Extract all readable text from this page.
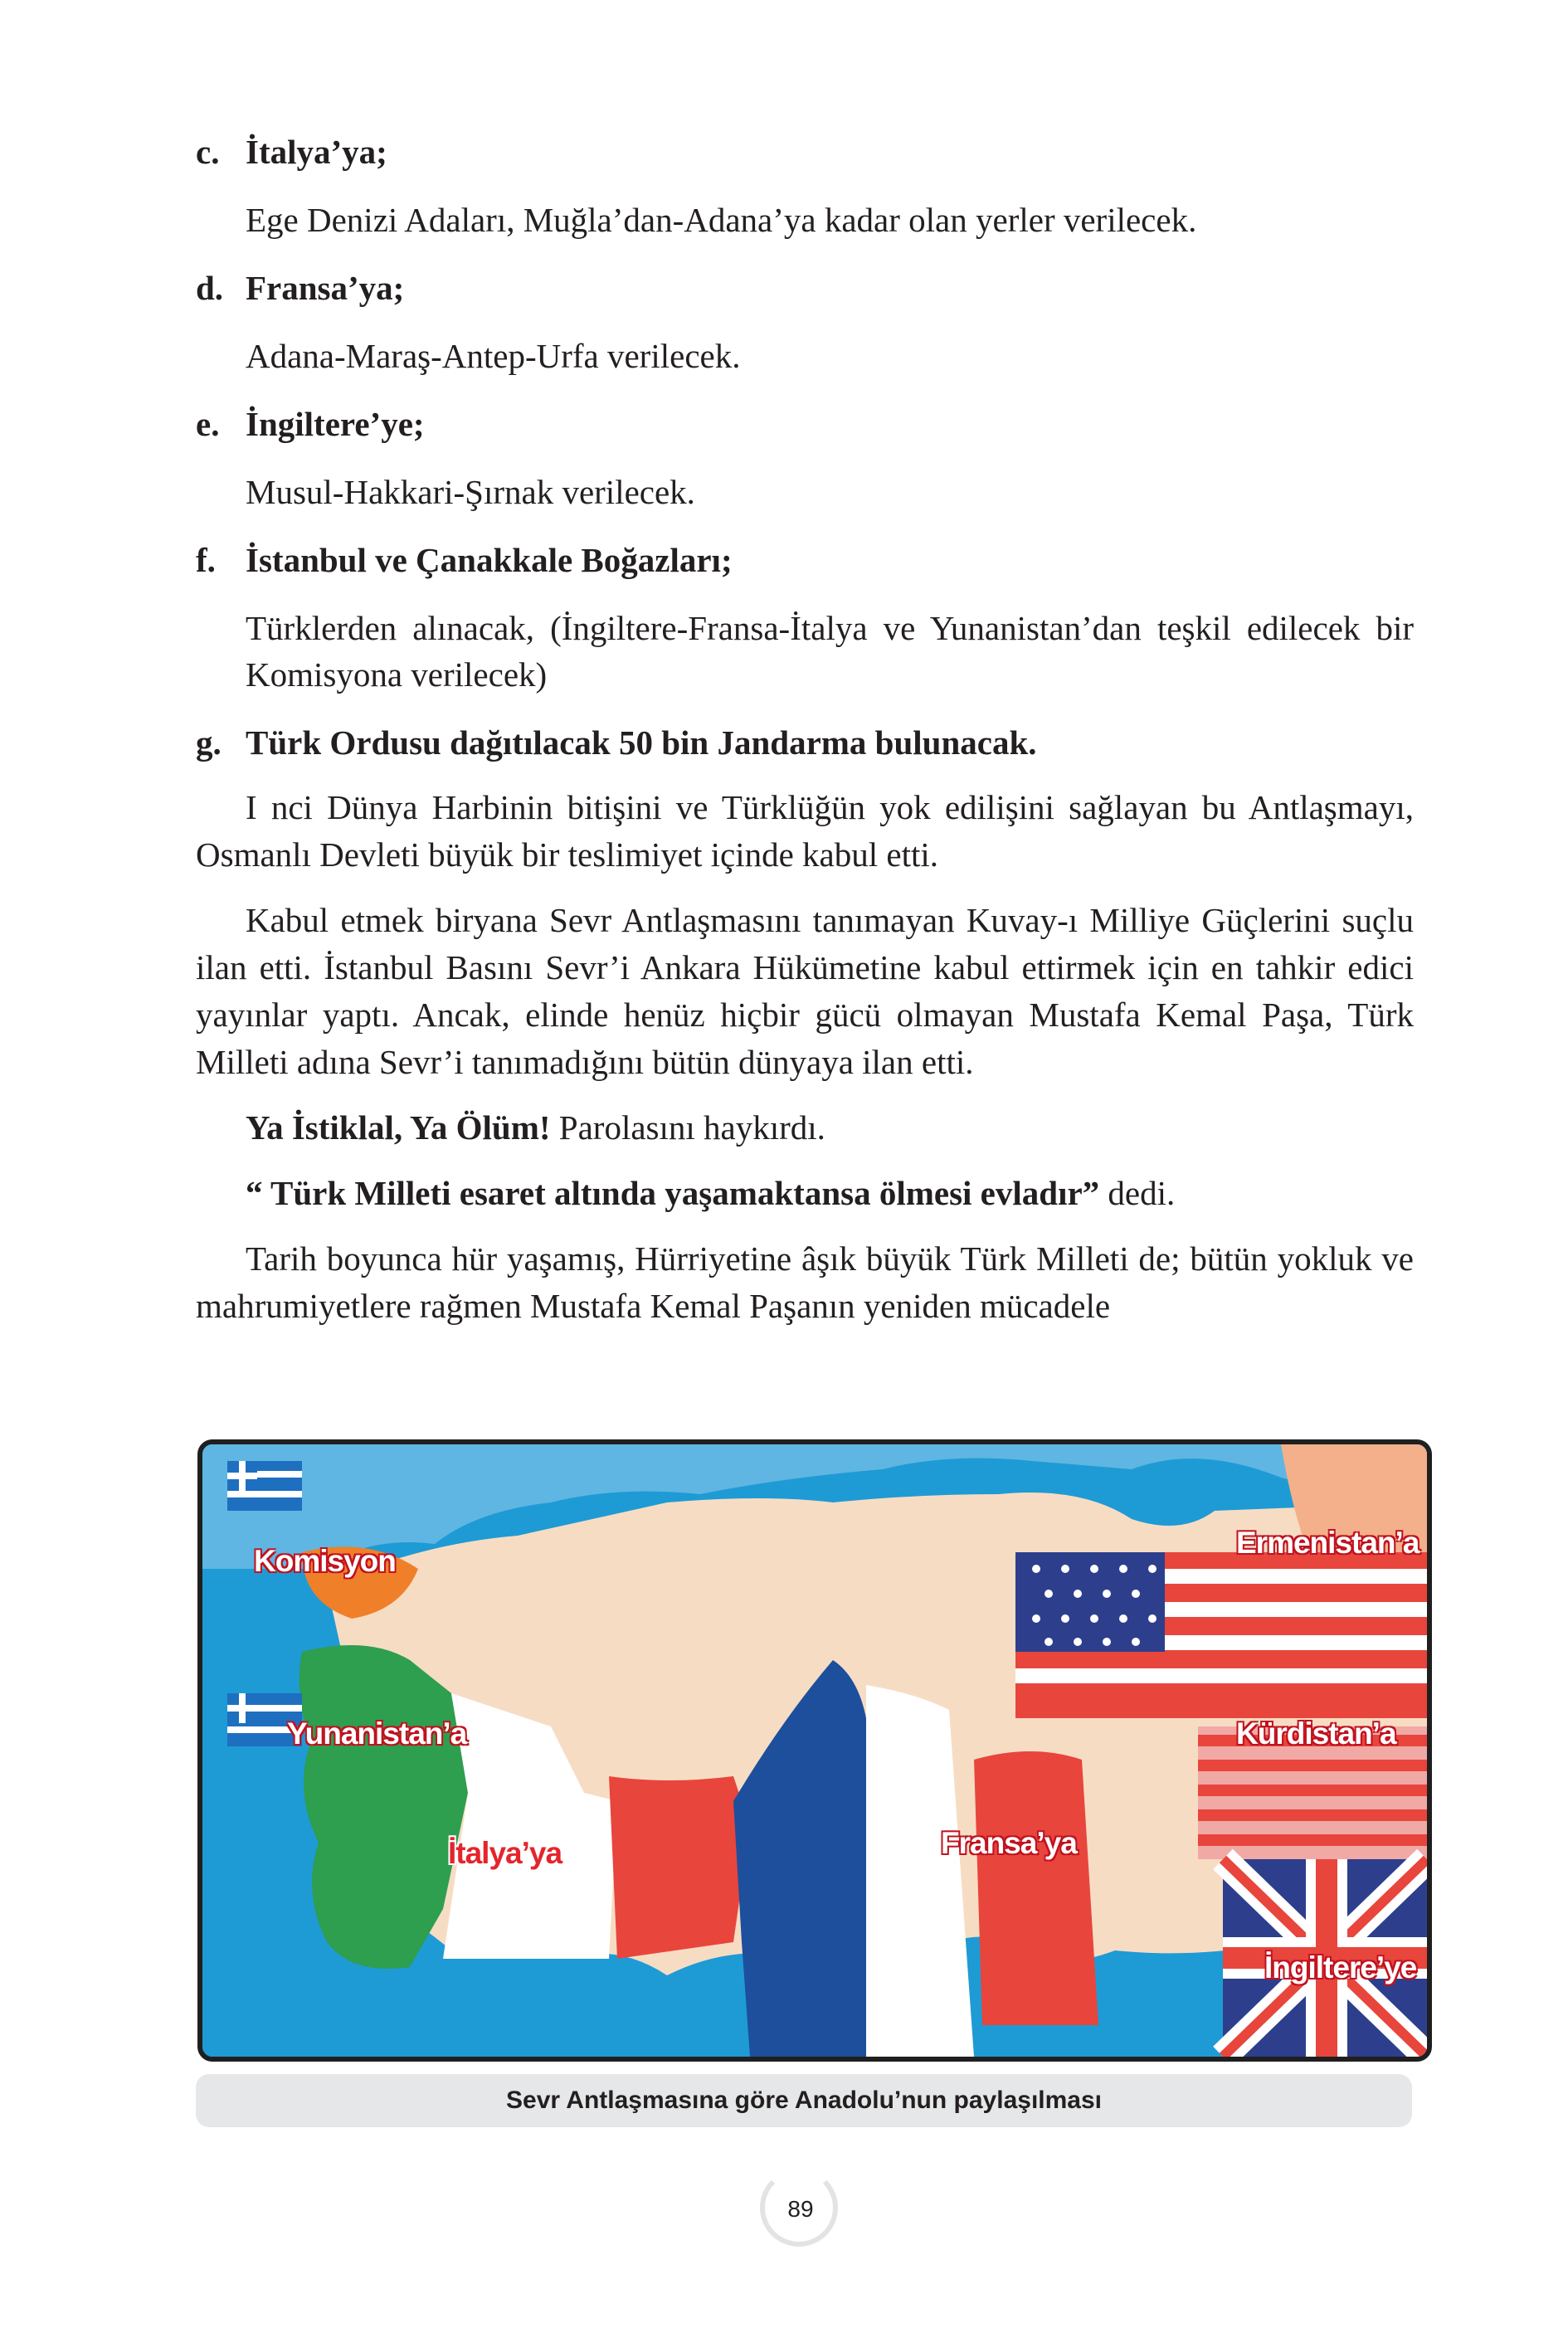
c. İtalya’ya;
Ege Denizi Adaları, Muğla’dan-Adana’ya kadar olan yerler verilecek.
d. Fransa’ya;
Adana-Maraş-Antep-Urfa verilecek.
e. İngiltere’ye;
Musul-Hakkari-Şırnak verilecek.
f. İstanbul ve Çanakkale Boğazları;
Türklerden alınacak, (İngiltere-Fransa-İtalya ve Yunanistan’dan teşkil edilecek bir Komisyona verilecek)
g. Türk Ordusu dağıtılacak 50 bin Jandarma bulunacak.

I nci Dünya Harbinin bitişini ve Türklüğün yok edilişini sağlayan bu Antlaşmayı, Osmanlı Devleti büyük bir teslimiyet içinde kabul etti.

Kabul etmek biryana Sevr Antlaşmasını tanımayan Kuvay-ı Milliye Güçlerini suçlu ilan etti. İstanbul Basını Sevr’i Ankara Hükümetine kabul ettirmek için en tahkir edici yayınlar yaptı. Ancak, elinde henüz hiçbir gücü olmayan Mustafa Kemal Paşa, Türk Milleti adına Sevr’i tanımadığını bütün dünyaya ilan etti.

Ya İstiklal, Ya Ölüm! Parolasını haykırdı.

“ Türk Milleti esaret altında yaşamaktansa ölmesi evladır” dedi.

Tarih boyunca hür yaşamış, Hürriyetine âşık büyük Türk Milleti de; bütün yokluk ve mahrumiyetlere rağmen Mustafa Kemal Paşanın yeniden mücadele

Komisyon
Ermenistan’a
Yunanistan’a	Kürdistan’a
İtalya’ya	Fransa’ya
İngiltere’ye
Sevr Antlaşmasına göre Anadolu’nun paylaşılması
89
